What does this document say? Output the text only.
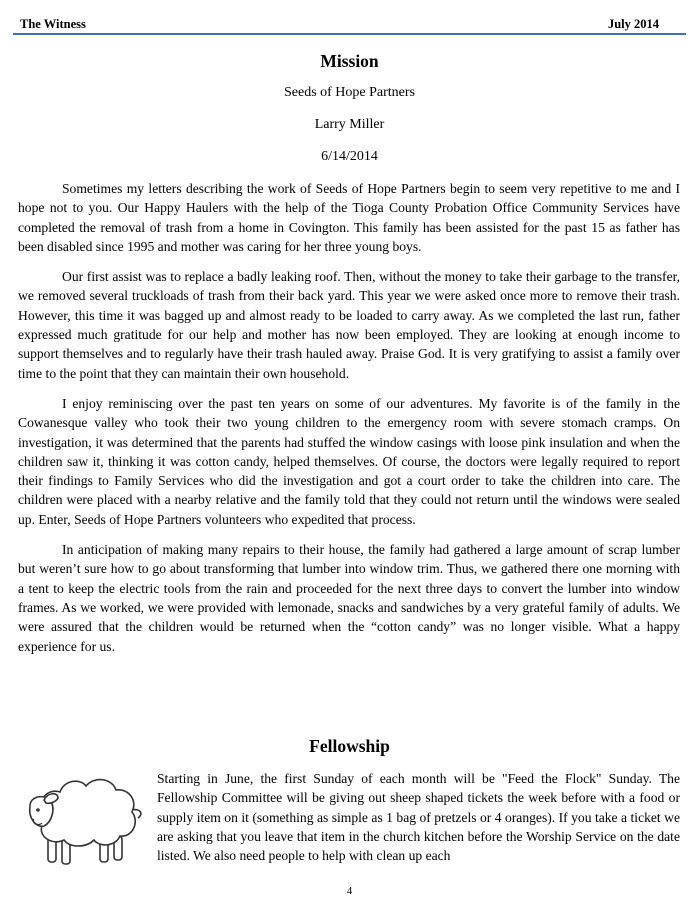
The Witness	July 2014
Mission
Seeds of Hope Partners
Larry Miller
6/14/2014

Sometimes my letters describing the work of Seeds of Hope Partners begin to seem very repetitive to me and I hope not to you. Our Happy Haulers with the help of the Tioga County Probation Office Community Services have completed the removal of trash from a home in Covington. This family has been assisted for the past 15 as father has been disabled since 1995 and mother was caring for her three young boys.

Our first assist was to replace a badly leaking roof. Then, without the money to take their garbage to the transfer, we removed several truckloads of trash from their back yard. This year we were asked once more to remove their trash. However, this time it was bagged up and almost ready to be loaded to carry away. As we completed the last run, father expressed much gratitude for our help and mother has now been employed. They are looking at enough income to support themselves and to regularly have their trash hauled away. Praise God. It is very gratifying to assist a family over time to the point that they can maintain their own household.

I enjoy reminiscing over the past ten years on some of our adventures. My favorite is of the family in the Cowanesque valley who took their two young children to the emergency room with severe stomach cramps. On investigation, it was determined that the parents had stuffed the window casings with loose pink insulation and when the children saw it, thinking it was cotton candy, helped themselves. Of course, the doctors were legally required to report their findings to Family Services who did the investigation and got a court order to take the children into care. The children were placed with a nearby relative and the family told that they could not return until the windows were sealed up. Enter, Seeds of Hope Partners volunteers who expedited that process.

In anticipation of making many repairs to their house, the family had gathered a large amount of scrap lumber but weren’t sure how to go about transforming that lumber into window trim. Thus, we gathered there one morning with a tent to keep the electric tools from the rain and proceeded for the next three days to convert the lumber into window frames. As we worked, we were provided with lemonade, snacks and sandwiches by a very grateful family of adults. We were assured that the children would be returned when the “cotton candy” was no longer visible. What a happy experience for us.

Fellowship

Starting in June, the first Sunday of each month will be "Feed the Flock" Sunday. The Fellowship Committee will be giving out sheep shaped tickets the week before with a food or supply item on it (something as simple as 1 bag of pretzels or 4 oranges). If you take a ticket we are asking that you leave that item in the church kitchen before the Worship Service on the date listed. We also need people to help with clean up each

4
